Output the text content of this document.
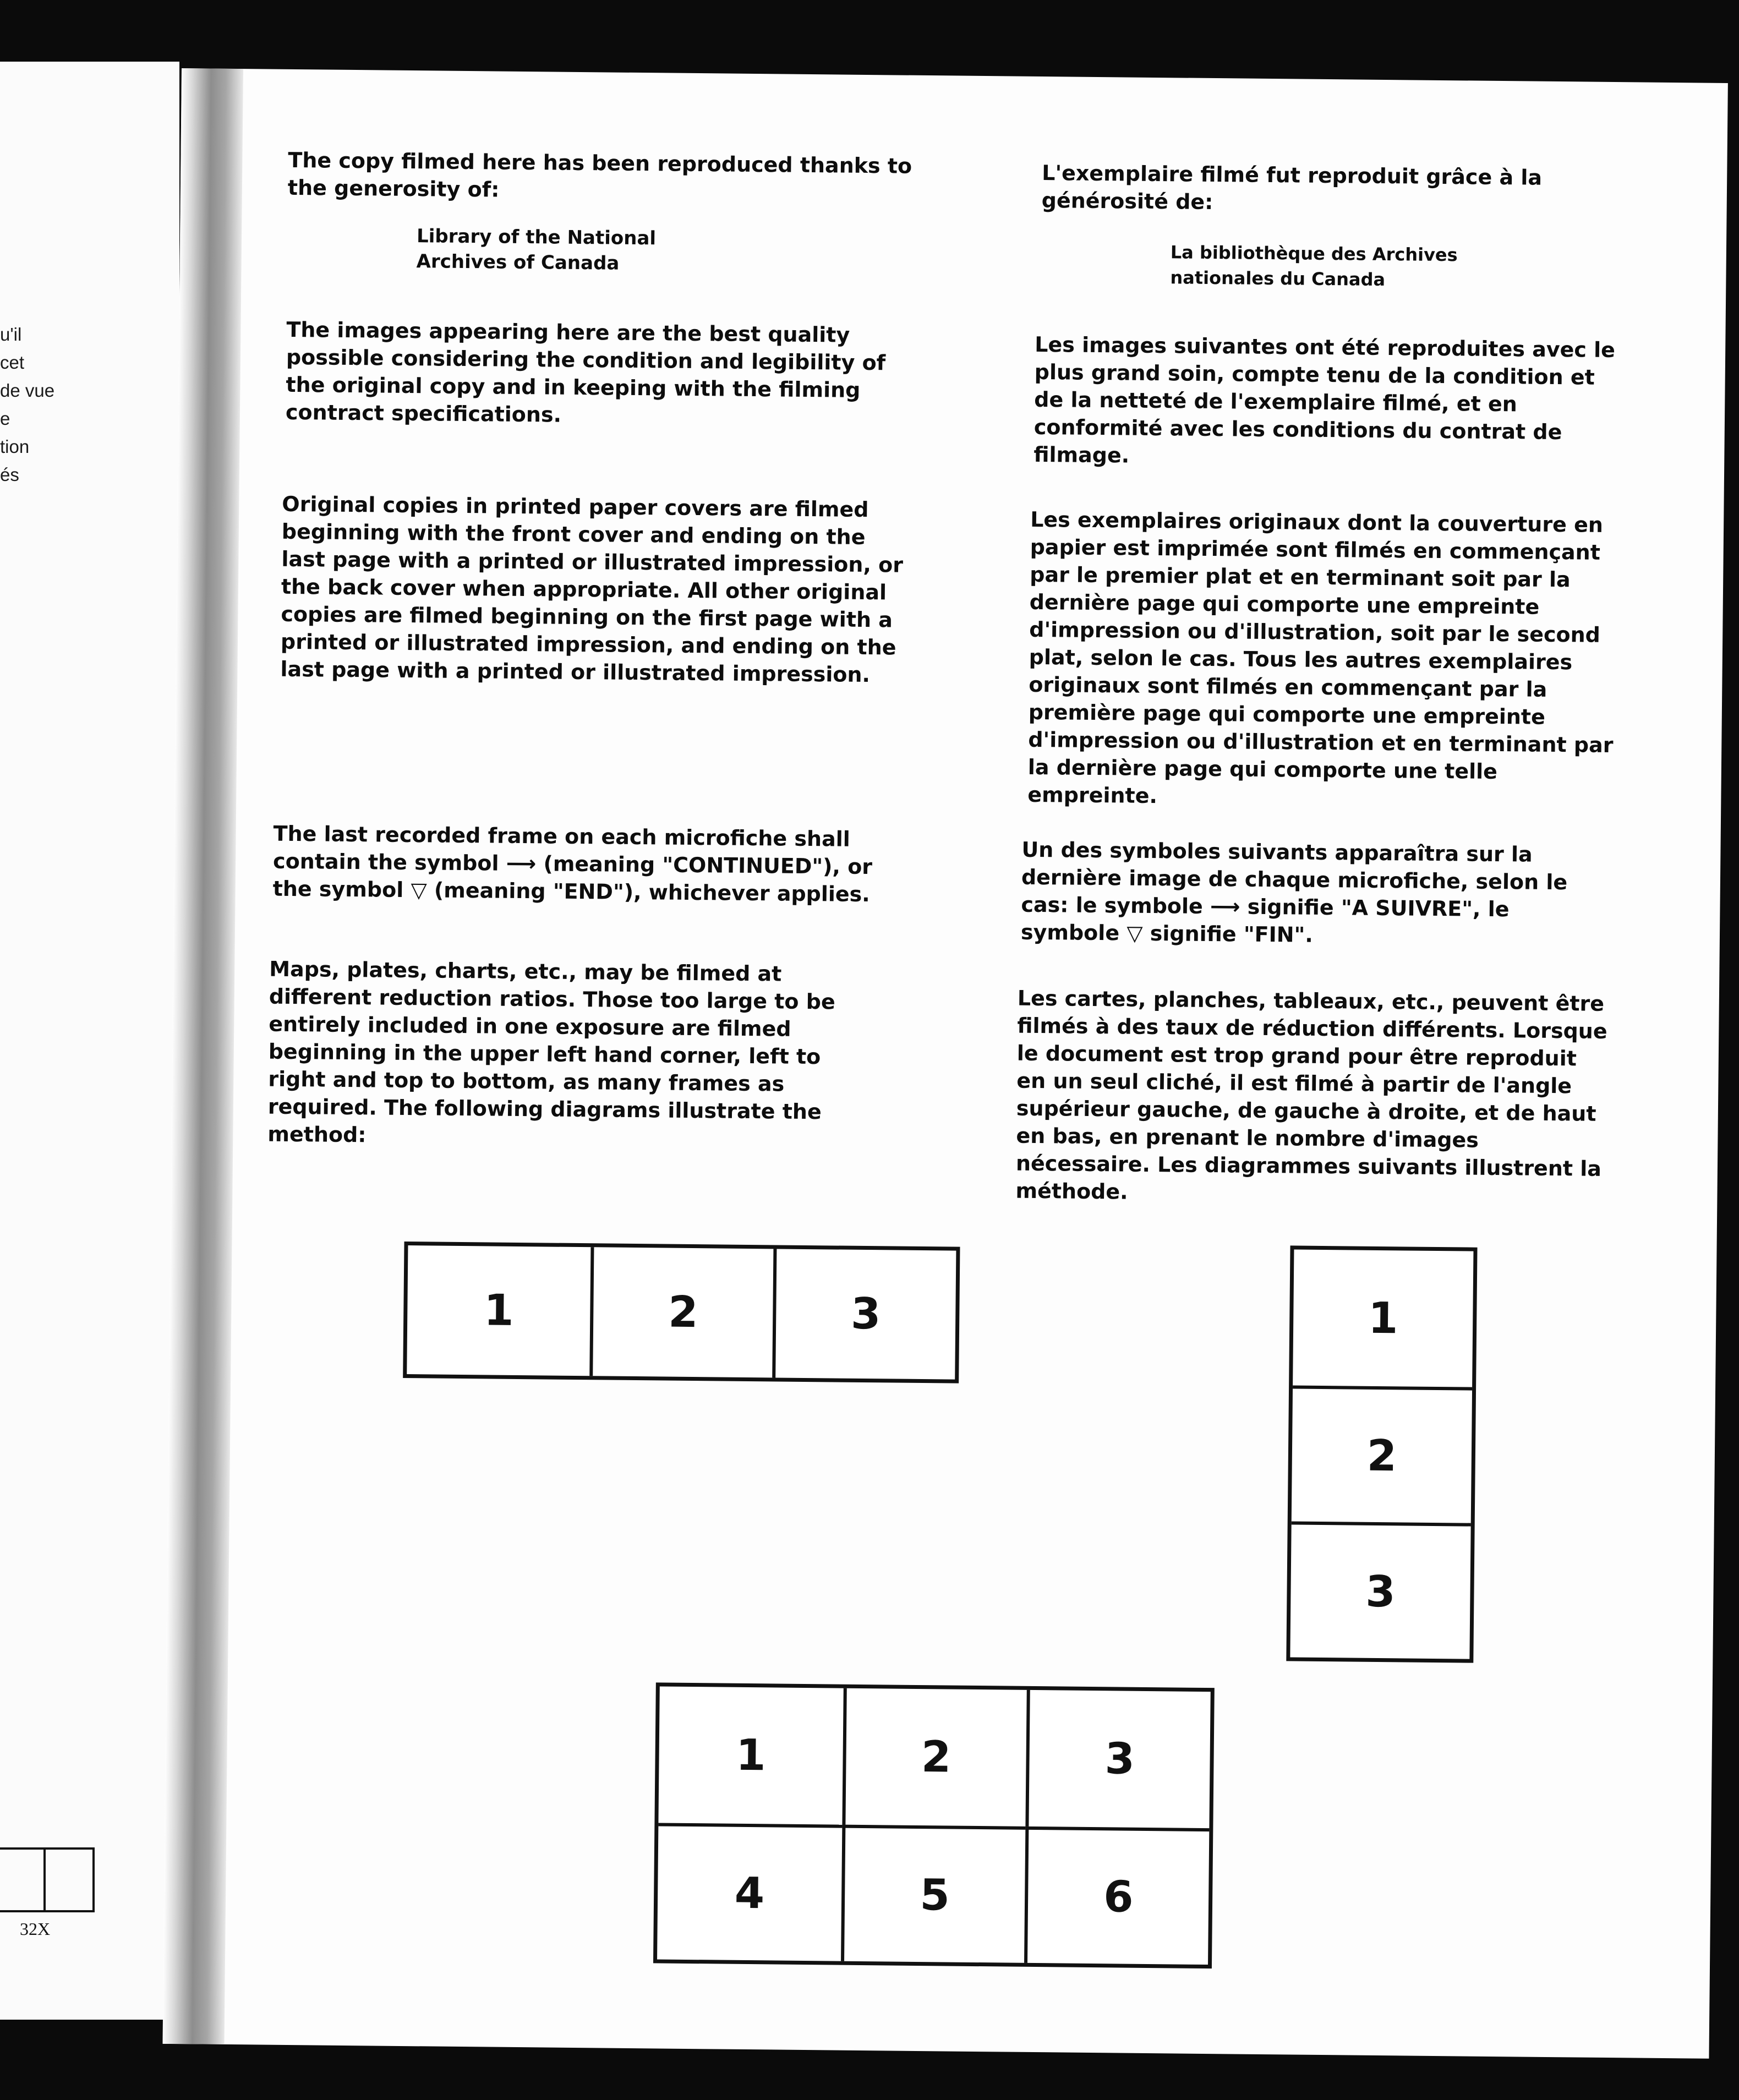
u'il
cet
de vue
e
tion
és
32X

The copy filmed here has been reproduced thanks to the generosity of:

Library of the National
Archives of Canada

The images appearing here are the best quality possible considering the condition and legibility of the original copy and in keeping with the filming contract specifications.

Original copies in printed paper covers are filmed beginning with the front cover and ending on the last page with a printed or illustrated impression, or the back cover when appropriate. All other original copies are filmed beginning on the first page with a printed or illustrated impression, and ending on the last page with a printed or illustrated impression.

The last recorded frame on each microfiche shall contain the symbol ⟶ (meaning "CONTINUED"), or the symbol ▽ (meaning "END"), whichever applies.

Maps, plates, charts, etc., may be filmed at different reduction ratios. Those too large to be entirely included in one exposure are filmed beginning in the upper left hand corner, left to right and top to bottom, as many frames as required. The following diagrams illustrate the method:

L'exemplaire filmé fut reproduit grâce à la générosité de:

La bibliothèque des Archives
nationales du Canada

Les images suivantes ont été reproduites avec le plus grand soin, compte tenu de la condition et de la netteté de l'exemplaire filmé, et en conformité avec les conditions du contrat de filmage.

Les exemplaires originaux dont la couverture en papier est imprimée sont filmés en commençant par le premier plat et en terminant soit par la dernière page qui comporte une empreinte d'impression ou d'illustration, soit par le second plat, selon le cas. Tous les autres exemplaires originaux sont filmés en commençant par la première page qui comporte une empreinte d'impression ou d'illustration et en terminant par la dernière page qui comporte une telle empreinte.

Un des symboles suivants apparaîtra sur la dernière image de chaque microfiche, selon le cas: le symbole ⟶ signifie "A SUIVRE", le symbole ▽ signifie "FIN".

Les cartes, planches, tableaux, etc., peuvent être filmés à des taux de réduction différents. Lorsque le document est trop grand pour être reproduit en un seul cliché, il est filmé à partir de l'angle supérieur gauche, de gauche à droite, et de haut en bas, en prenant le nombre d'images nécessaire. Les diagrammes suivants illustrent la méthode.

1	2	3	1
2
3
1	2	3
4	5	6
